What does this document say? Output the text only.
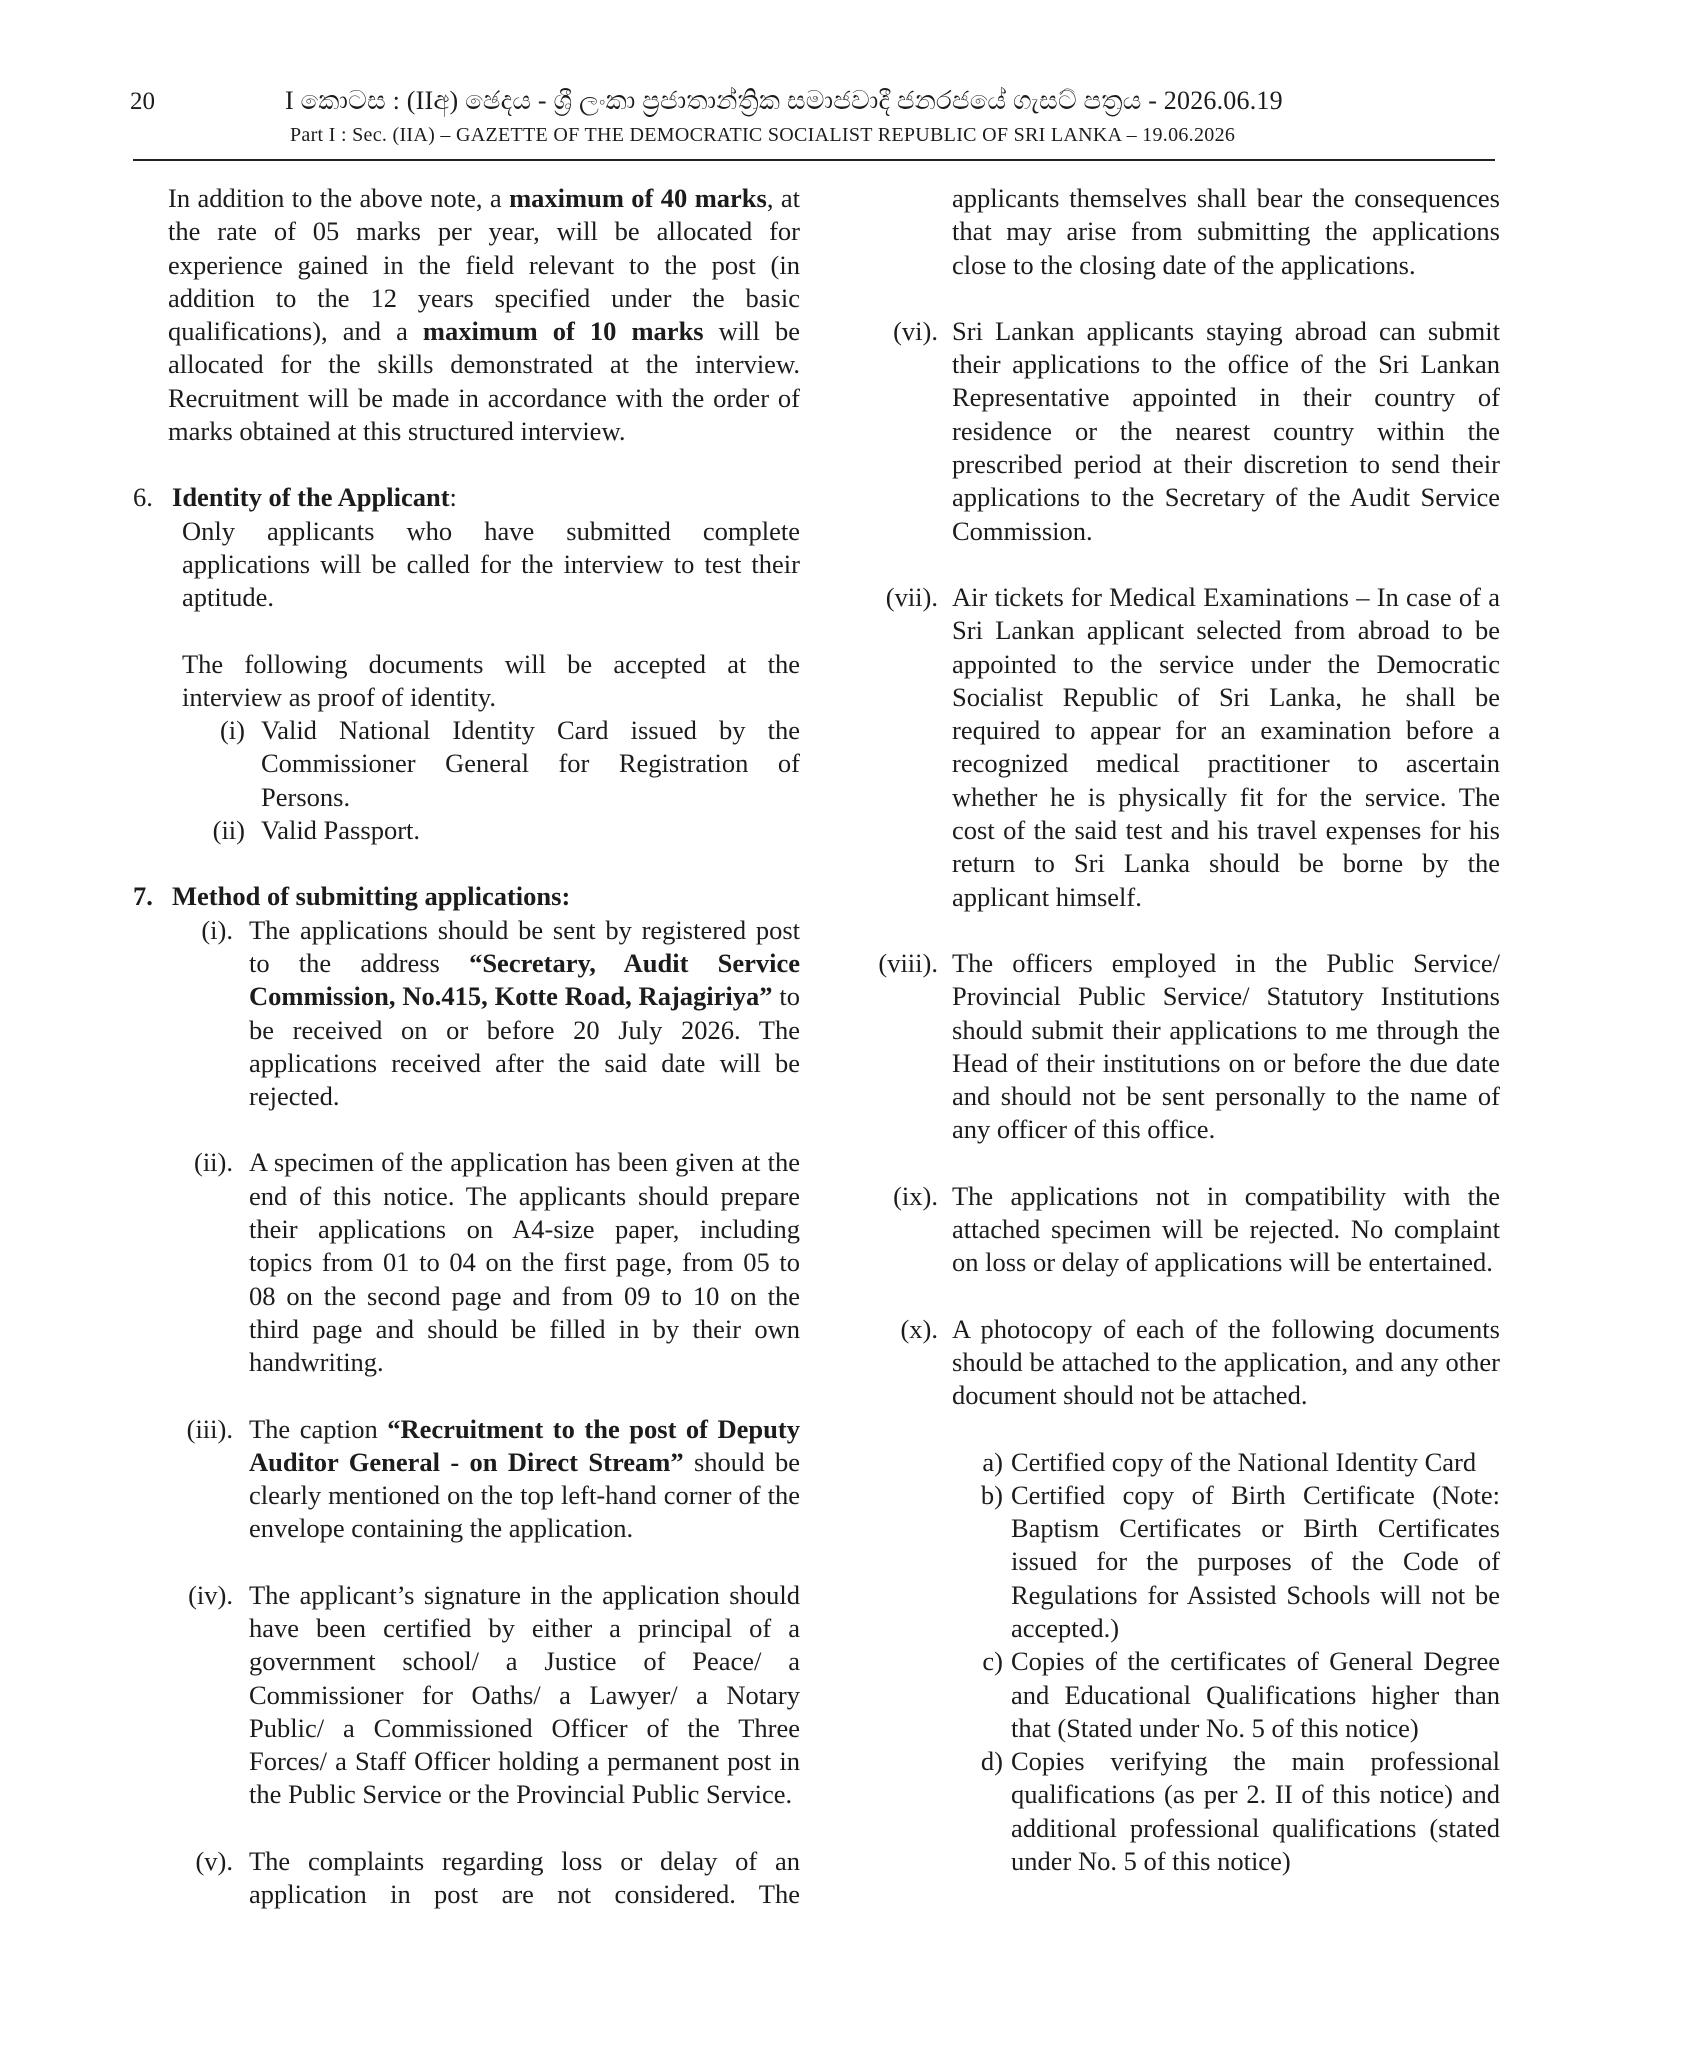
20	I කොටස : (IIඅ) ඡෙදය - ශ්‍රී ලංකා ප්‍රජාතාන්ත්‍රික සමාජවාදී ජනරජයේ ගැසට් පත්‍රය - 2026.06.19
Part I : Sec. (IIA) – GAZETTE OF THE DEMOCRATIC SOCIALIST REPUBLIC OF SRI LANKA – 19.06.2026

In addition to the above note, a maximum of 40 marks, at the rate of 05 marks per year, will be allocated for experience gained in the field relevant to the post (in addition to the 12 years specified under the basic qualifications), and a maximum of 10 marks will be allocated for the skills demonstrated at the interview. Recruitment will be made in accordance with the order of marks obtained at this structured interview.

6. Identity of the Applicant:

Only applicants who have submitted complete applications will be called for the interview to test their aptitude.

The following documents will be accepted at the interview as proof of identity.

(i) Valid National Identity Card issued by the Commissioner General for Registration of Persons.
(ii) Valid Passport.
7. Method of submitting applications:
(i). The applications should be sent by registered post to the address “Secretary, Audit Service Commission, No.415, Kotte Road, Rajagiriya” to be received on or before 20 July 2026. The applications received after the said date will be rejected.
(ii). A specimen of the application has been given at the end of this notice. The applicants should prepare their applications on A4-size paper, including topics from 01 to 04 on the first page, from 05 to 08 on the second page and from 09 to 10 on the third page and should be filled in by their own handwriting.
(iii). The caption “Recruitment to the post of Deputy Auditor General - on Direct Stream” should be clearly mentioned on the top left-hand corner of the envelope containing the application.
(iv). The applicant’s signature in the application should have been certified by either a principal of a government school/ a Justice of Peace/ a Commissioner for Oaths/ a Lawyer/ a Notary Public/ a Commissioned Officer of the Three Forces/ a Staff Officer holding a permanent post in the Public Service or the Provincial Public Service.
(v). The complaints regarding loss or delay of an application in post are not considered. The

applicants themselves shall bear the consequences that may arise from submitting the applications close to the closing date of the applications.

(vi). Sri Lankan applicants staying abroad can submit their applications to the office of the Sri Lankan Representative appointed in their country of residence or the nearest country within the prescribed period at their discretion to send their applications to the Secretary of the Audit Service Commission.
(vii). Air tickets for Medical Examinations – In case of a Sri Lankan applicant selected from abroad to be appointed to the service under the Democratic Socialist Republic of Sri Lanka, he shall be required to appear for an examination before a recognized medical practitioner to ascertain whether he is physically fit for the service. The cost of the said test and his travel expenses for his return to Sri Lanka should be borne by the applicant himself.
(viii). The officers employed in the Public Service/ Provincial Public Service/ Statutory Institutions should submit their applications to me through the Head of their institutions on or before the due date and should not be sent personally to the name of any officer of this office.
(ix). The applications not in compatibility with the attached specimen will be rejected. No complaint on loss or delay of applications will be entertained.
(x). A photocopy of each of the following documents should be attached to the application, and any other document should not be attached.
a) Certified copy of the National Identity Card
b) Certified copy of Birth Certificate (Note: Baptism Certificates or Birth Certificates issued for the purposes of the Code of Regulations for Assisted Schools will not be accepted.)
c) Copies of the certificates of General Degree and Educational Qualifications higher than that (Stated under No. 5 of this notice)
d) Copies verifying the main professional qualifications (as per 2. II of this notice) and additional professional qualifications (stated under No. 5 of this notice)
